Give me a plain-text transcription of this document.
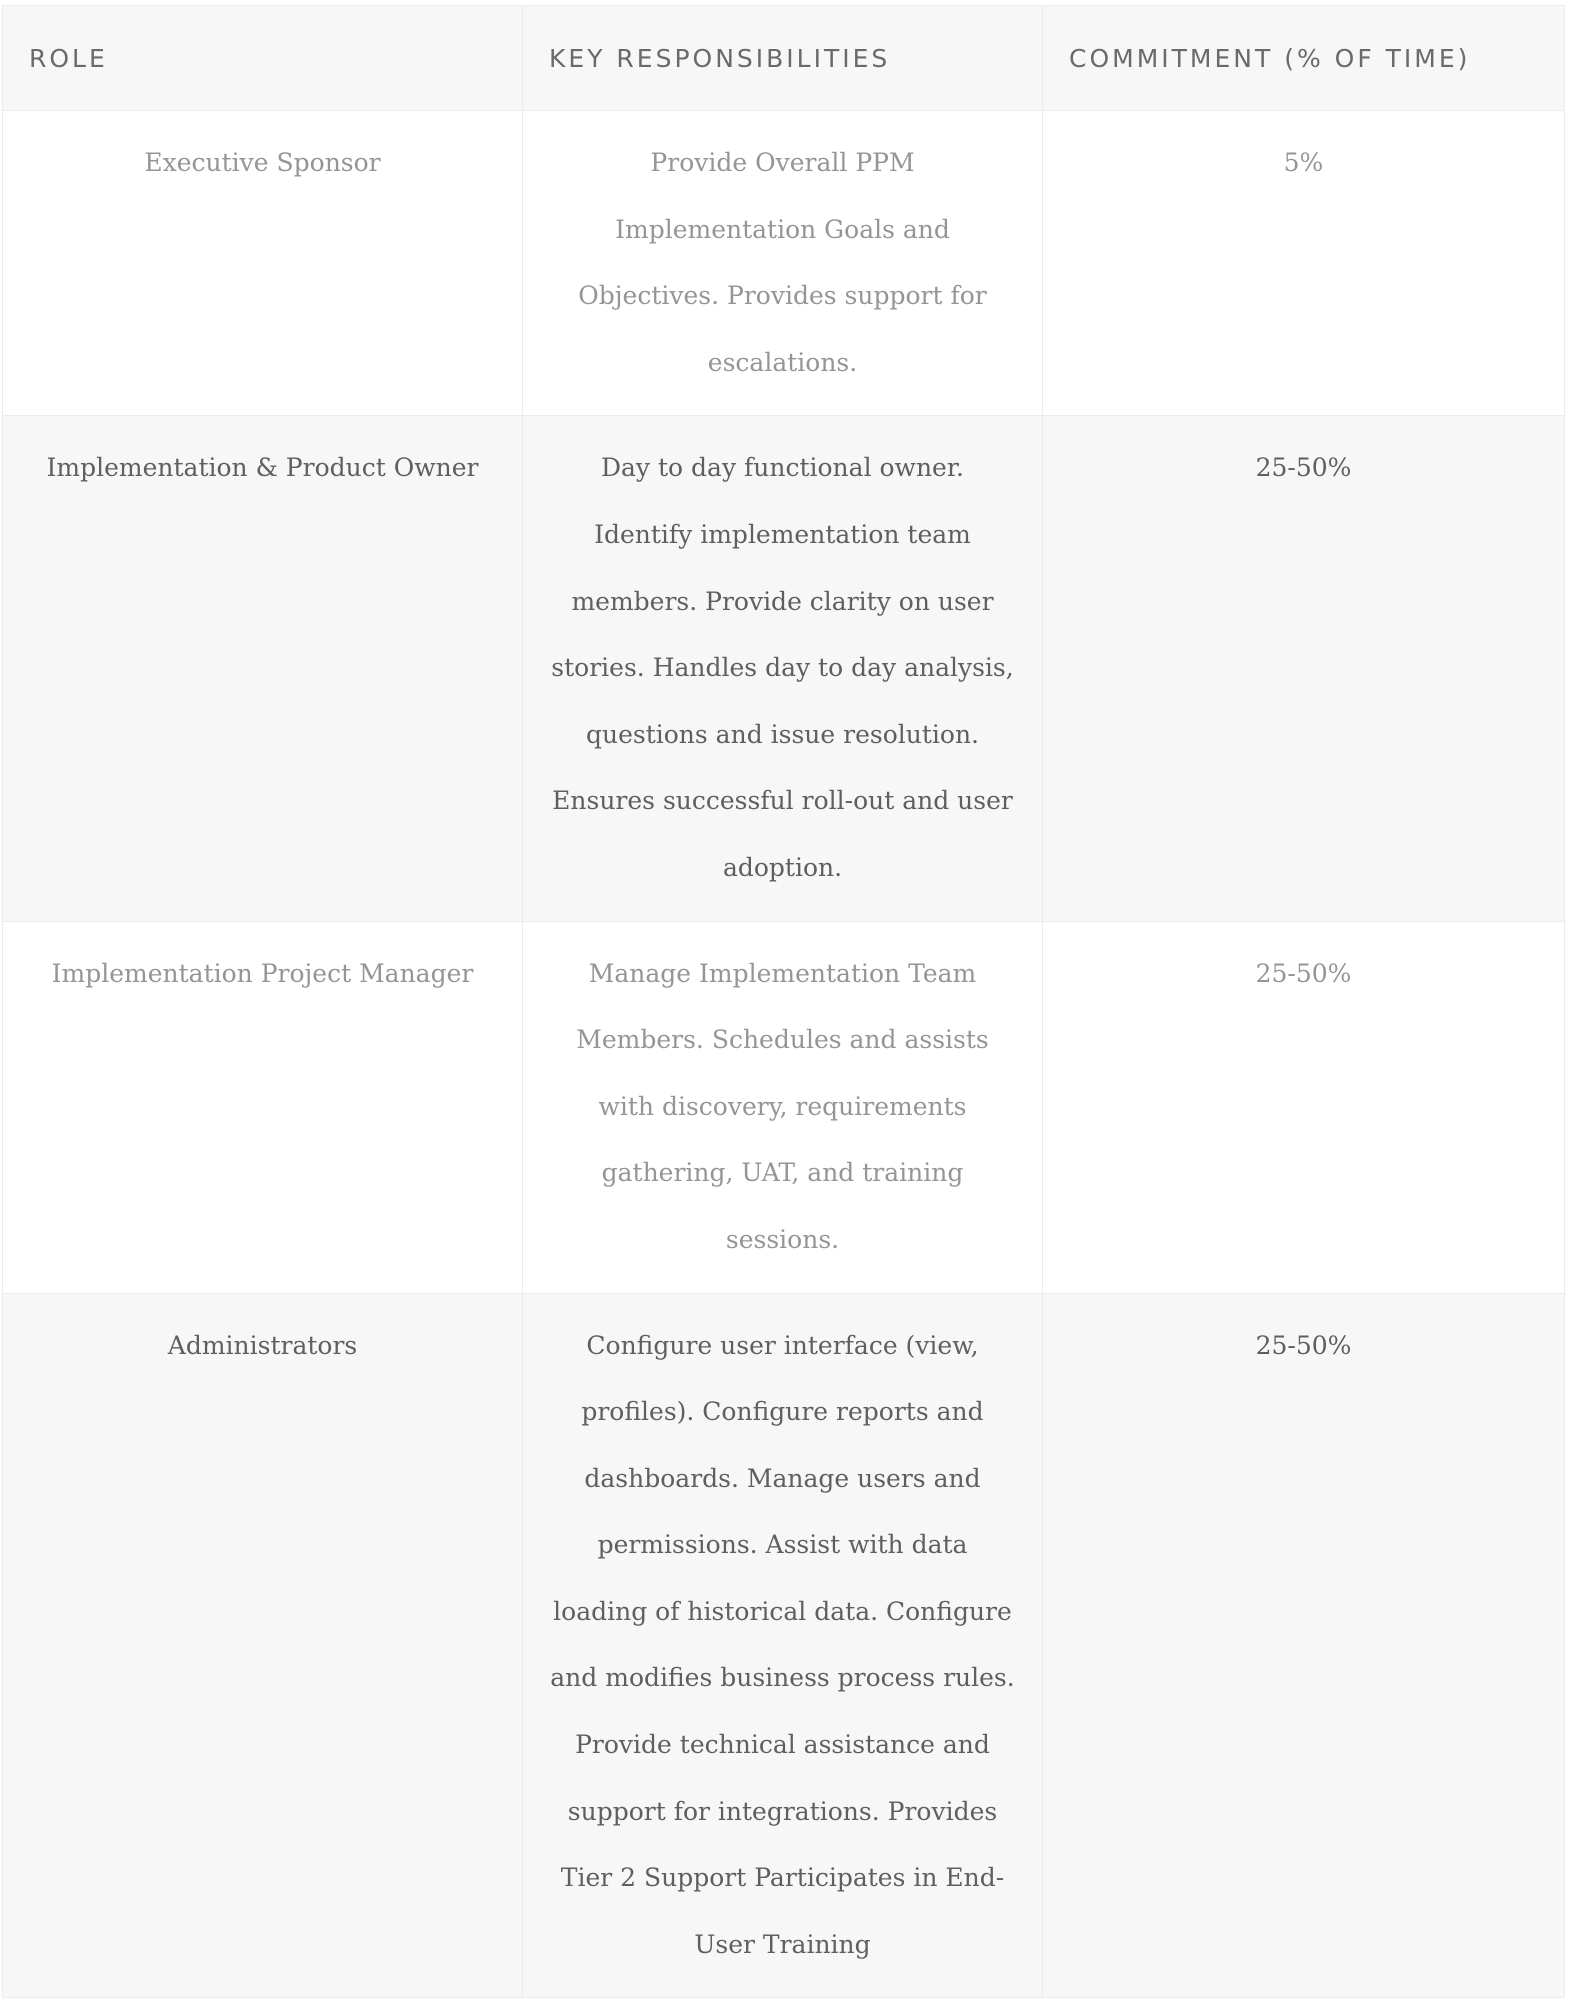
ROLE	KEY RESPONSIBILITIES	COMMITMENT (% OF TIME)
Executive Sponsor	Provide Overall PPM Implementation Goals and Objectives. Provides support for escalations.	5%
Implementation & Product Owner	Day to day functional owner. Identify implementation team members. Provide clarity on user stories. Handles day to day analysis, questions and issue resolution. Ensures successful roll-out and user adoption.	25-50%
Implementation Project Manager	Manage Implementation Team Members. Schedules and assists with discovery, requirements gathering, UAT, and training sessions.	25-50%
Administrators	Configure user interface (view, profiles). Configure reports and dashboards. Manage users and permissions. Assist with data loading of historical data. Configure and modifies business process rules. Provide technical assistance and support for integrations. Provides Tier 2 Support Participates in End-User Training	25-50%
